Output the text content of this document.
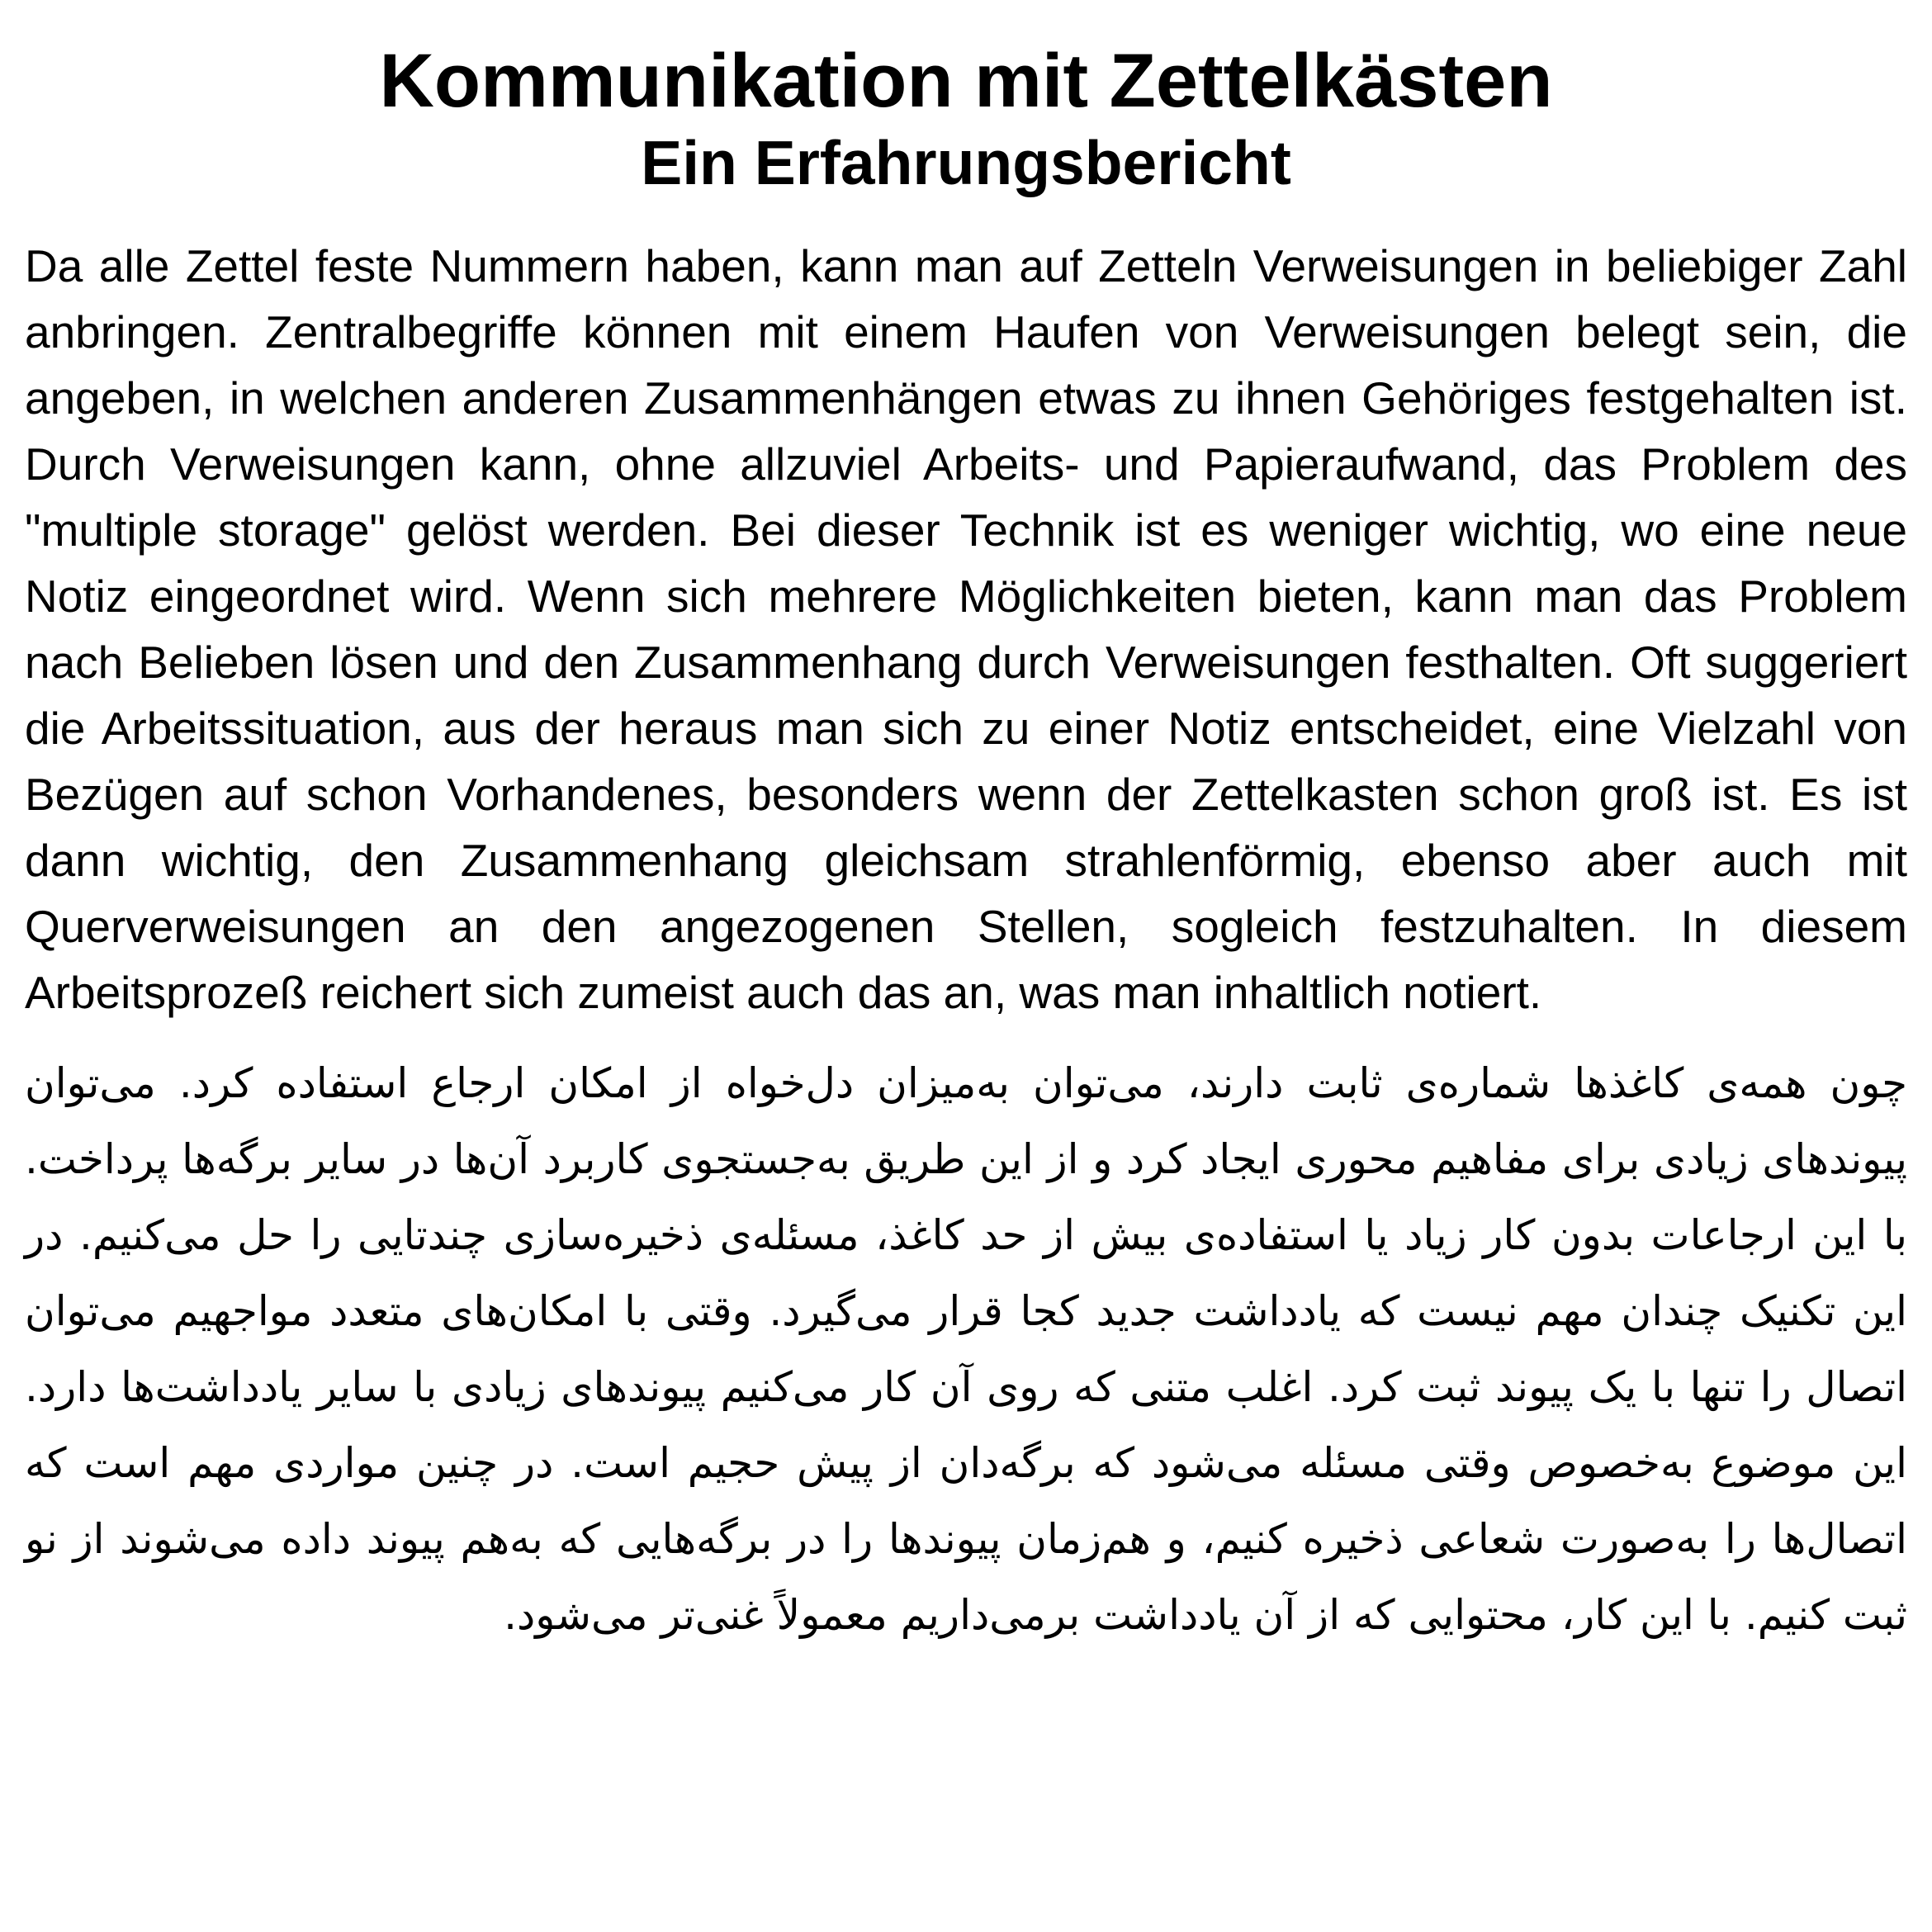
Kommunikation mit Zettelkästen
Ein Erfahrungsbericht

Da alle Zettel feste Nummern haben, kann man auf Zetteln Verweisungen in beliebiger Zahl anbringen. Zentralbegriffe können mit einem Haufen von Verweisungen belegt sein, die angeben, in welchen anderen Zusammenhängen etwas zu ihnen Gehöriges festgehalten ist. Durch Verweisungen kann, ohne allzuviel Arbeits- und Papieraufwand, das Problem des "multiple storage" gelöst werden. Bei dieser Technik ist es weniger wichtig, wo eine neue Notiz eingeordnet wird. Wenn sich mehrere Möglichkeiten bieten, kann man das Problem nach Belieben lösen und den Zusammenhang durch Verweisungen festhalten. Oft suggeriert die Arbeitssituation, aus der heraus man sich zu einer Notiz entscheidet, eine Vielzahl von Bezügen auf schon Vorhandenes, besonders wenn der Zettelkasten schon groß ist. Es ist dann wichtig, den Zusammenhang gleichsam strahlenförmig, ebenso aber auch mit Querverweisungen an den angezogenen Stellen, sogleich festzuhalten. In diesem Arbeitsprozeß reichert sich zumeist auch das an, was man inhaltlich notiert.

چون همه‌ی کاغذها شماره‌ی ثابت دارند، می‌توان به‌میزان دل‌خواه از امکان ارجاع استفاده کرد. می‌توان پیوندهای زیادی برای مفاهیم محوری ایجاد کرد و از این طریق به‌جستجوی کاربرد آن‌ها در سایر برگه‌ها پرداخت. با این ارجاعات بدون کار زیاد یا استفاده‌ی بیش از حد کاغذ، مسئله‌ی ذخیره‌سازی چندتایی را حل می‌کنیم. در این تکنیک چندان مهم نیست که یادداشت جدید کجا قرار می‌گیرد. وقتی با امکان‌های متعدد مواجهیم می‌توان اتصال را تنها با یک پیوند ثبت کرد. اغلب متنی که روی آن کار می‌کنیم پیوندهای زیادی با سایر یادداشت‌ها دارد. این موضوع به‌خصوص وقتی مسئله می‌شود که برگه‌دان از پیش حجیم است. در چنین مواردی مهم است که اتصال‌ها را به‌صورت شعاعی ذخیره کنیم، و هم‌زمان پیوندها را در برگه‌هایی که به‌هم پیوند داده می‌شوند از نو ثبت کنیم. با این کار، محتوایی که از آن یادداشت برمی‌داریم معمولاً غنی‌تر می‌شود.
